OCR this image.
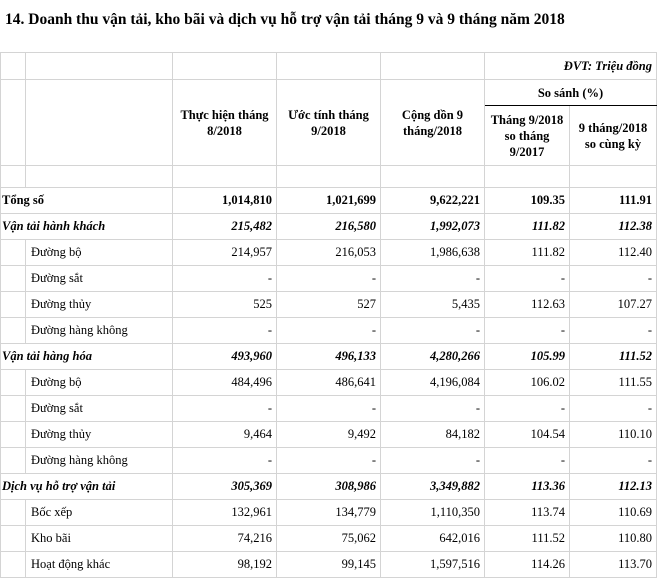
14. Doanh thu vận tải, kho bãi và dịch vụ hỗ trợ vận tải tháng 9 và 9 tháng năm 2018
					ĐVT: Triệu đồng	
		Thực hiện tháng 8/2018	Ước tính tháng 9/2018	Cộng dồn 9 tháng/2018	So sánh (%)	
					Tháng 9/2018 so tháng 9/2017	9 tháng/2018 so cùng kỳ

Tổng số		1,014,810	1,021,699	9,622,221	109.35	111.91
Vận tải hành khách		215,482	216,580	1,992,073	111.82	112.38
	Đường bộ	214,957	216,053	1,986,638	111.82	112.40
	Đường sắt	-	-	-	-	-
	Đường thủy	525	527	5,435	112.63	107.27
	Đường hàng không	-	-	-	-	-
Vận tải hàng hóa		493,960	496,133	4,280,266	105.99	111.52
	Đường bộ	484,496	486,641	4,196,084	106.02	111.55
	Đường sắt	-	-	-	-	-
	Đường thủy	9,464	9,492	84,182	104.54	110.10
	Đường hàng không	-	-	-	-	-
Dịch vụ hỗ trợ vận tải		305,369	308,986	3,349,882	113.36	112.13
	Bốc xếp	132,961	134,779	1,110,350	113.74	110.69
	Kho bãi	74,216	75,062	642,016	111.52	110.80
	Hoạt động khác	98,192	99,145	1,597,516	114.26	113.70
